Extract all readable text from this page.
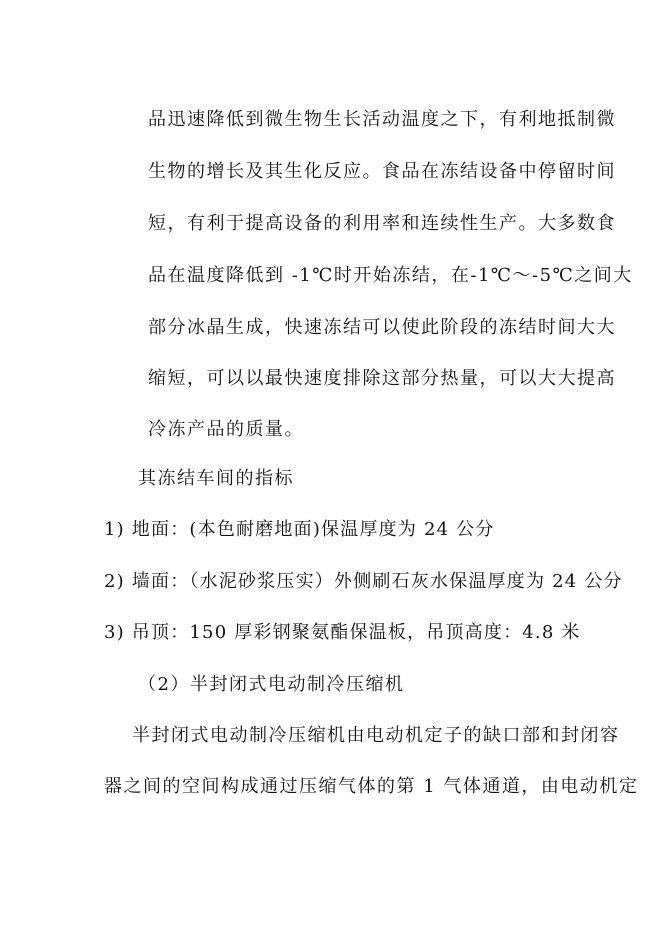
品迅速降低到微生物生长活动温度之下，有利地抵制微
生物的增长及其生化反应。食品在冻结设备中停留时间
短，有利于提高设备的利用率和连续性生产。大多数食
品在温度降低到 -1℃时开始冻结，在-1℃～-5℃之间大
部分冰晶生成，快速冻结可以使此阶段的冻结时间大大
缩短，可以以最快速度排除这部分热量，可以大大提高
冷冻产品的质量。
其冻结车间的指标
1) 地面：(本色耐磨地面)保温厚度为 24 公分
2) 墙面：（水泥砂浆压实）外侧刷石灰水保温厚度为 24 公分
3) 吊顶：150 厚彩钢聚氨酯保温板，吊顶高度：4.8 米
（2）半封闭式电动制冷压缩机
半封闭式电动制冷压缩机由电动机定子的缺口部和封闭容
器之间的空间构成通过压缩气体的第 1 气体通道，由电动机定
